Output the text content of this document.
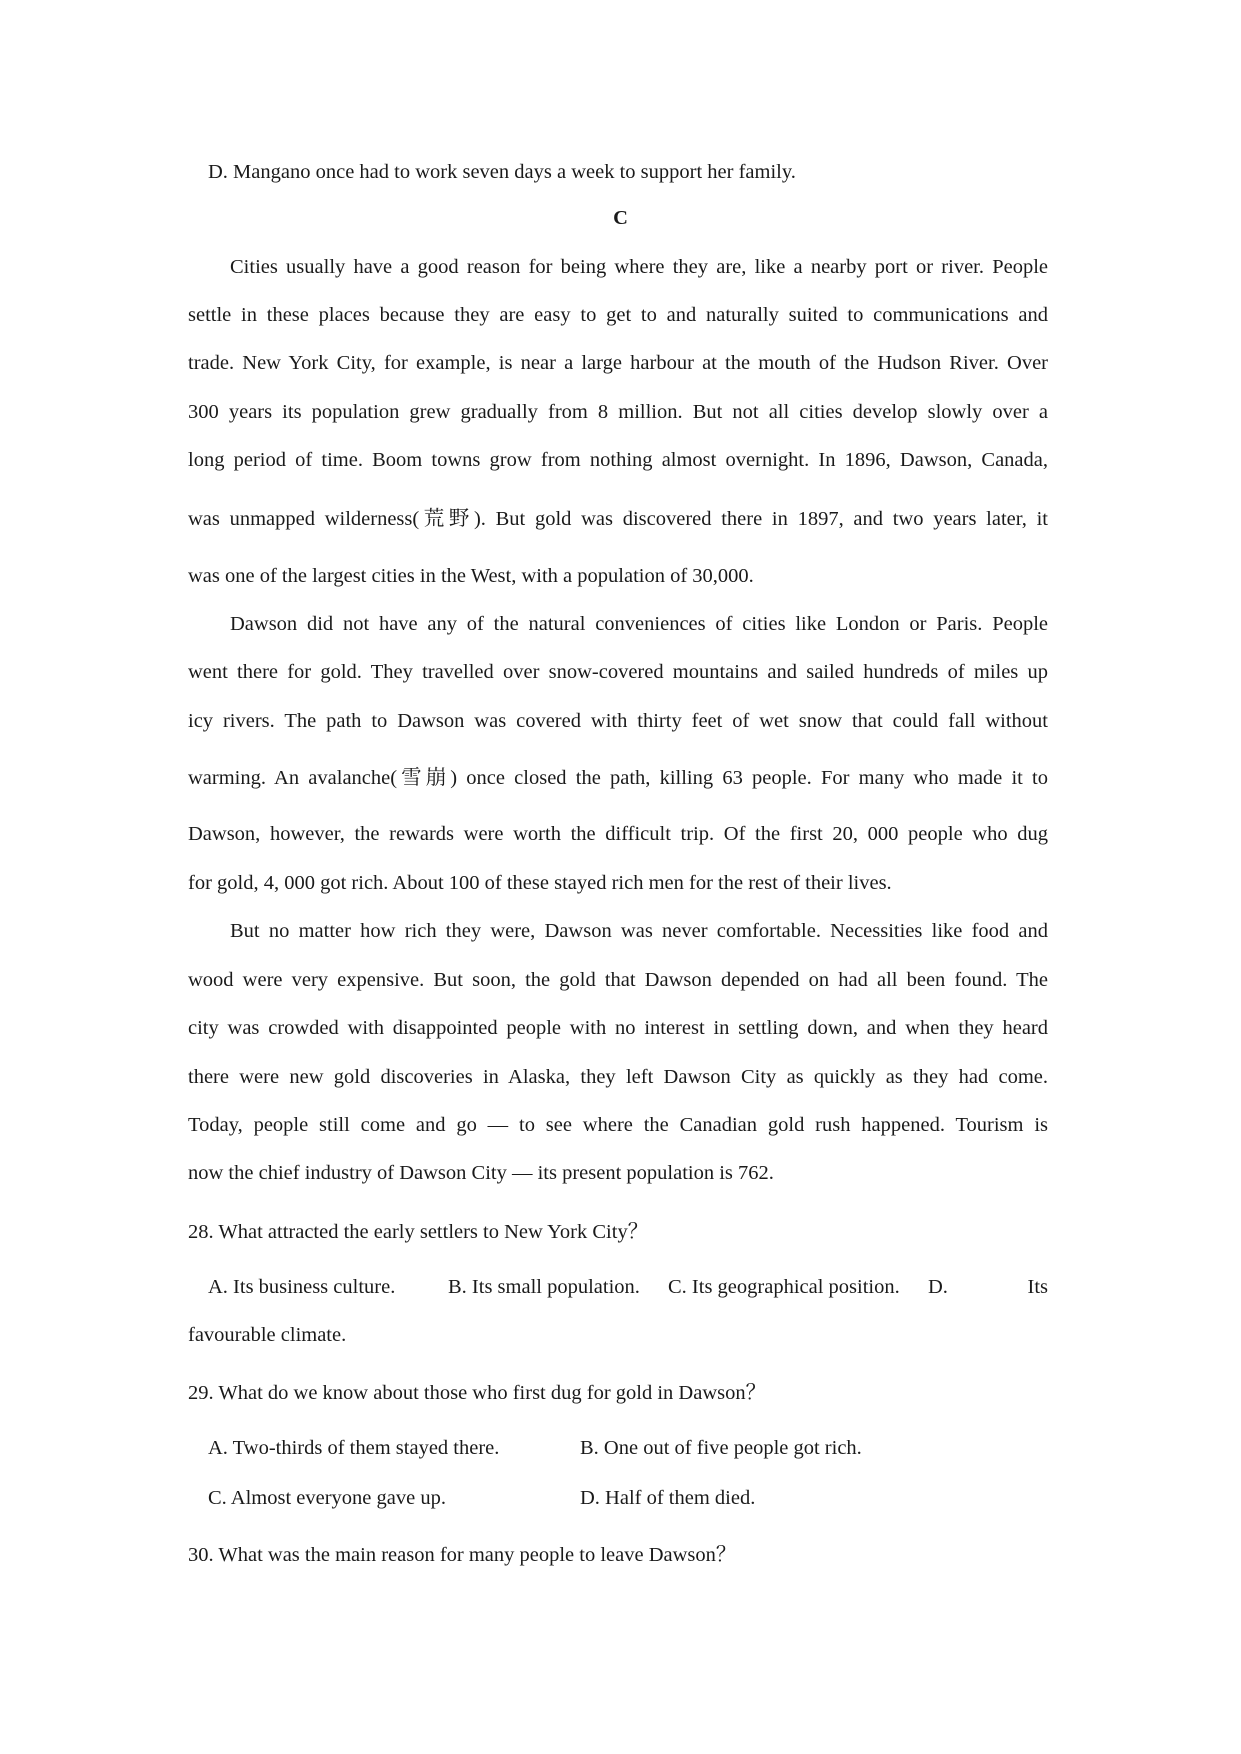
D. Mangano once had to work seven days a week to support her family.
C
Cities usually have a good reason for being where they are, like a nearby port or river. People
settle in these places because they are easy to get to and naturally suited to communications and
trade. New York City, for example, is near a large harbour at the mouth of the Hudson River. Over
300 years its population grew gradually from 8 million. But not all cities develop slowly over a
long period of time. Boom towns grow from nothing almost overnight. In 1896, Dawson, Canada,
was unmapped wilderness(荒野). But gold was discovered there in 1897, and two years later, it
was one of the largest cities in the West, with a population of 30,000.
Dawson did not have any of the natural conveniences of cities like London or Paris. People
went there for gold. They travelled over snow-covered mountains and sailed hundreds of miles up
icy rivers. The path to Dawson was covered with thirty feet of wet snow that could fall without
warming. An avalanche(雪崩) once closed the path, killing 63 people. For many who made it to
Dawson, however, the rewards were worth the difficult trip. Of the first 20, 000 people who dug
for gold, 4, 000 got rich. About 100 of these stayed rich men for the rest of their lives.
But no matter how rich they were, Dawson was never comfortable. Necessities like food and
wood were very expensive. But soon, the gold that Dawson depended on had all been found. The
city was crowded with disappointed people with no interest in settling down, and when they heard
there were new gold discoveries in Alaska, they left Dawson City as quickly as they had come.
Today, people still come and go — to see where the Canadian gold rush happened. Tourism is
now the chief industry of Dawson City — its present population is 762.
28. What attracted the early settlers to New York City？
A. Its business culture.	B. Its small population. C. Its geographical position. D.	Its
favourable climate.
29. What do we know about those who first dug for gold in Dawson？
A. Two-thirds of them stayed there.	B. One out of five people got rich.
C. Almost everyone gave up.	D. Half of them died.
30. What was the main reason for many people to leave Dawson？
